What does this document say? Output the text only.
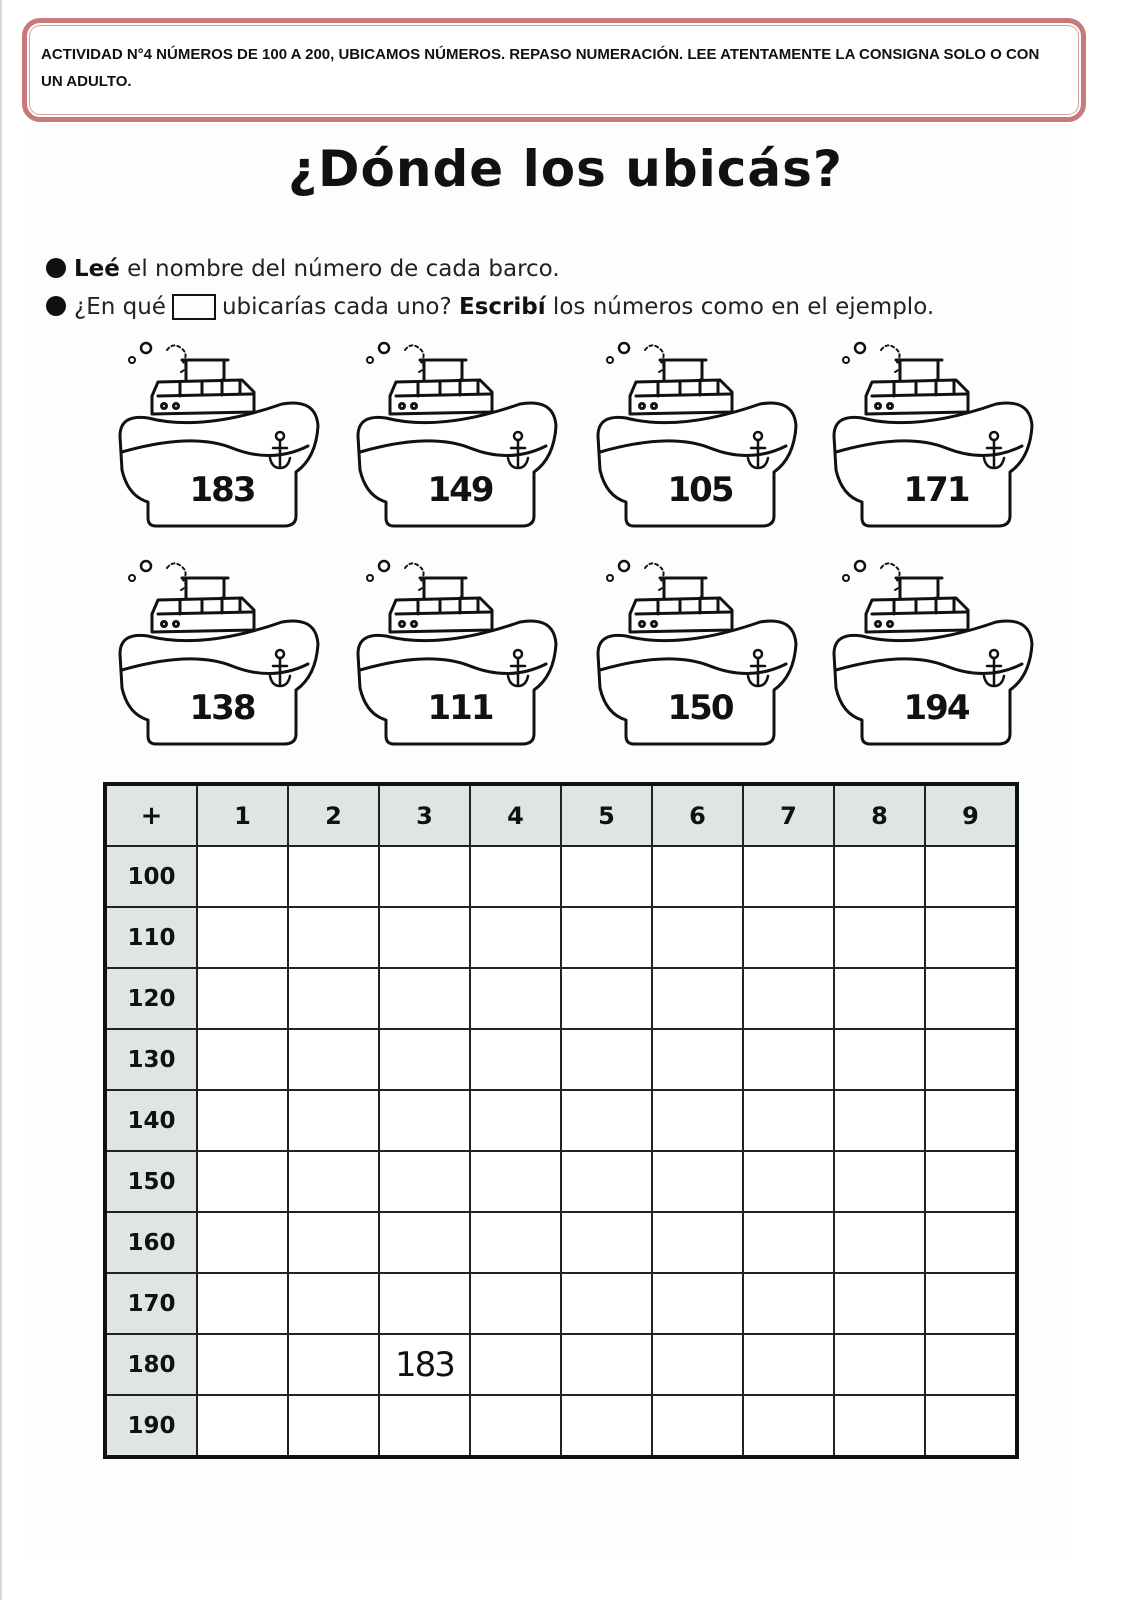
ACTIVIDAD N°4 NÚMEROS DE 100 A 200, UBICAMOS NÚMEROS. REPASO NUMERACIÓN. LEE ATENTAMENTE LA CONSIGNA SOLO O CON UN ADULTO.
¿Dónde los ubicás?
Leé el nombre del número de cada barco.
¿En qué ubicarías cada uno? Escribí los números como en el ejemplo.
183	149	105	171
138	111	150	194
+	1	2	3	4	5	6	7	8	9
100									
110									
120									
130									
140									
150									
160									
170									
180			183						
190									
